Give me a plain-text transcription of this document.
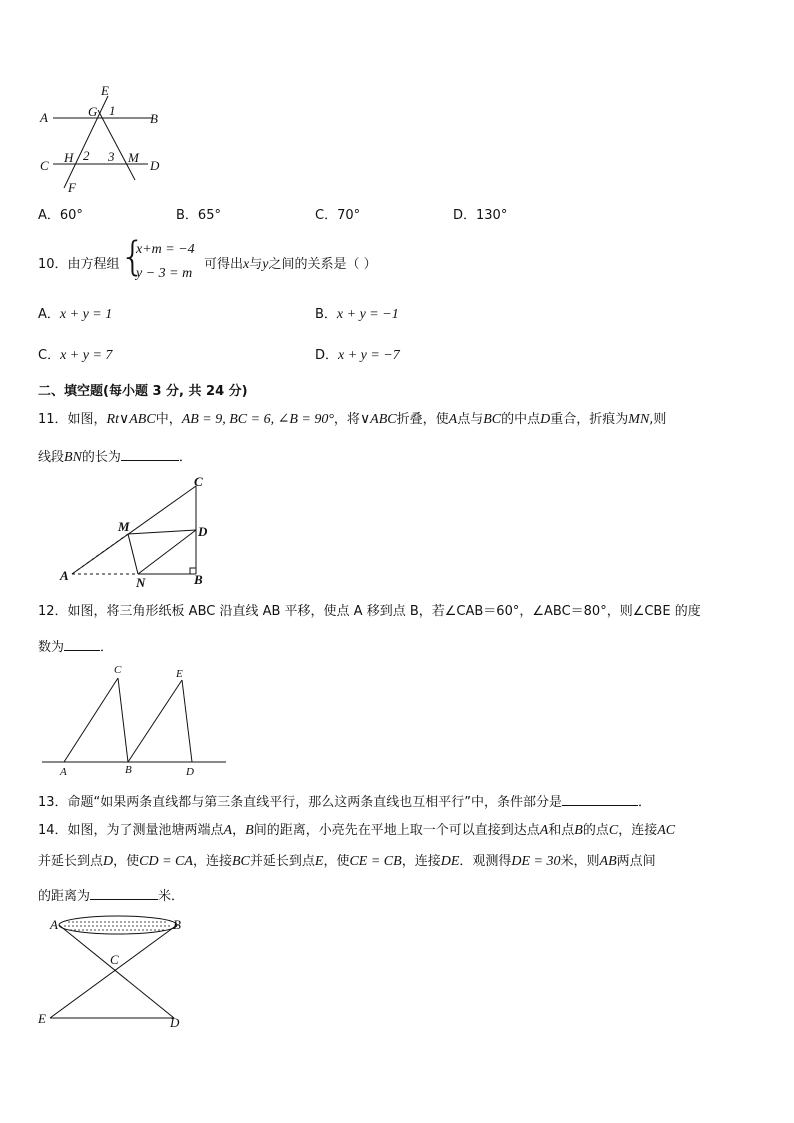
E
A	G 1
B
C
H 2 3 M
D
F
A．60°	B．65°	C．70°	D．130°
10．由方程组 {
x+m = −4
y − 3 = m
可得出x与y之间的关系是（ ）
A．x + y = 1	B．x + y = −1
C．x + y = 7	D．x + y = −7
二、填空题(每小题 3 分, 共 24 分)
11．如图，Rt∨ABC中，AB = 9, BC = 6, ∠B = 90°，将∨ABC折叠，使A点与BC的中点D重合，折痕为MN,则
线段BN的长为	．
C
M	D
A	N	B
12．如图，将三角形纸板 ABC 沿直线 AB 平移，使点 A 移到点 B，若∠CAB＝60°，∠ABC＝80°，则∠CBE 的度
数为	．
C	E
A	B	D
13．命题“如果两条直线都与第三条直线平行，那么这两条直线也互相平行”中，条件部分是	．
14．如图，为了测量池塘两端点A，B间的距离，小亮先在平地上取一个可以直接到达点A和点B的点C，连接AC
并延长到点D，使CD = CA，连接BC并延长到点E，使CE = CB，连接DE．观测得DE = 30米，则AB两点间
的距离为	米．
A	B
C
E	D
